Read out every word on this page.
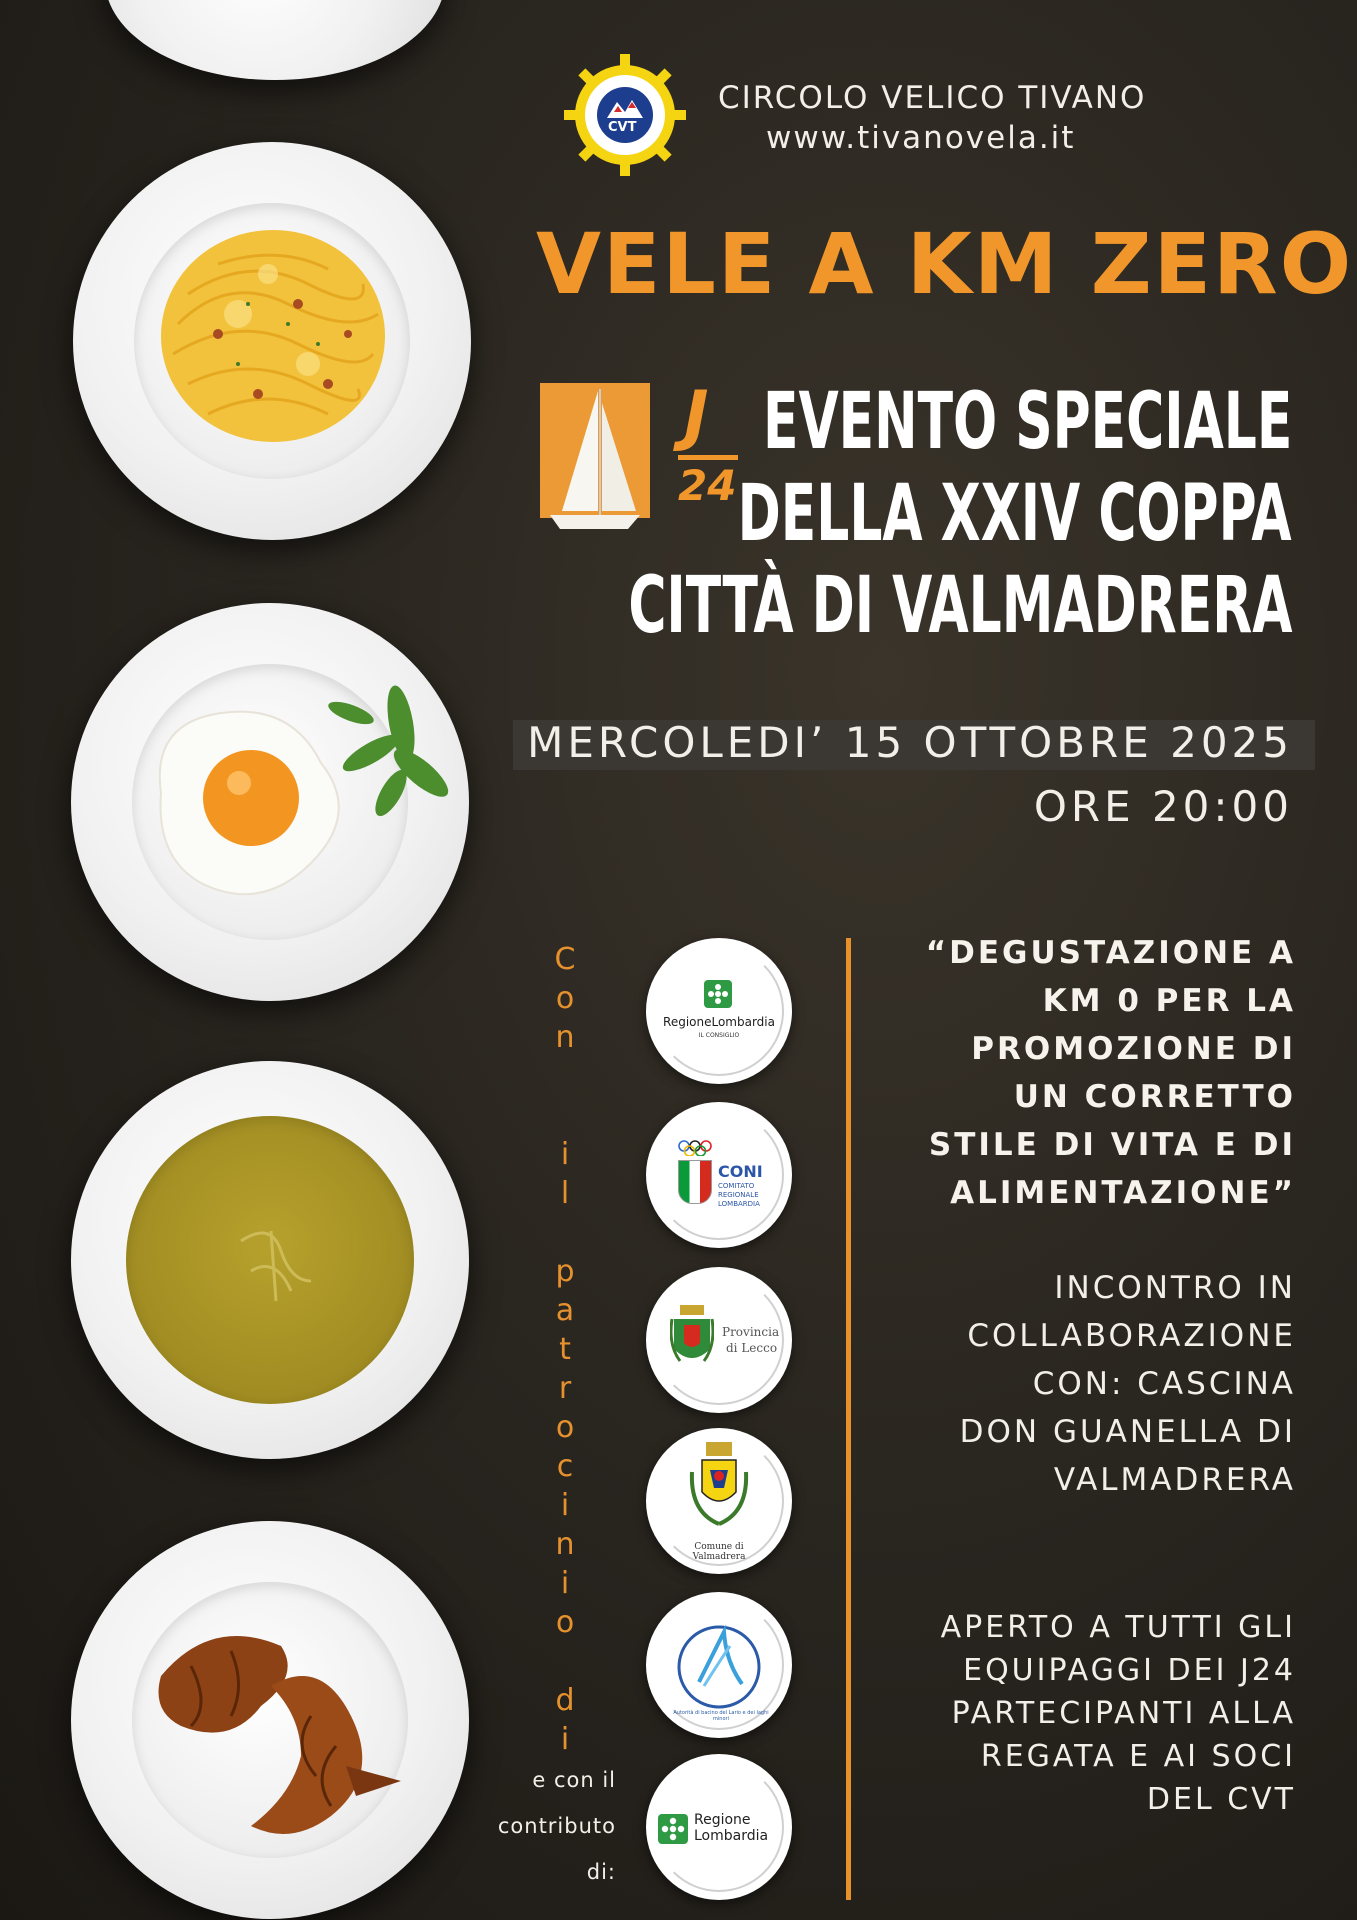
CVT
CIRCOLO VELICO TIVANO
www.tivanovela.it
VELE A KM ZERO
J
24
EVENTO SPECIALE
DELLA XXIV COPPA
CITTÀ DI VALMADRERA
MERCOLEDI’ 15 OTTOBRE 2025
ORE 20:00
C
o
n
i
l
p
a
t
r
o
c
i
n
i
o
d
i
RegioneLombardia
IL CONSIGLIO
CONI
COMITATO
REGIONALE
LOMBARDIA
Provincia
di Lecco
Comune di
Valmadrera
Autorità di bacino del Lario e dei laghi minori
Regione
Lombardia
e con il
contributo
di:
“DEGUSTAZIONE A
KM 0 PER LA
PROMOZIONE DI
UN CORRETTO
STILE DI VITA E DI
ALIMENTAZIONE”
INCONTRO IN
COLLABORAZIONE
CON: CASCINA
DON GUANELLA DI
VALMADRERA
APERTO A TUTTI GLI
EQUIPAGGI DEI J24
PARTECIPANTI ALLA
REGATA E AI SOCI
DEL CVT
